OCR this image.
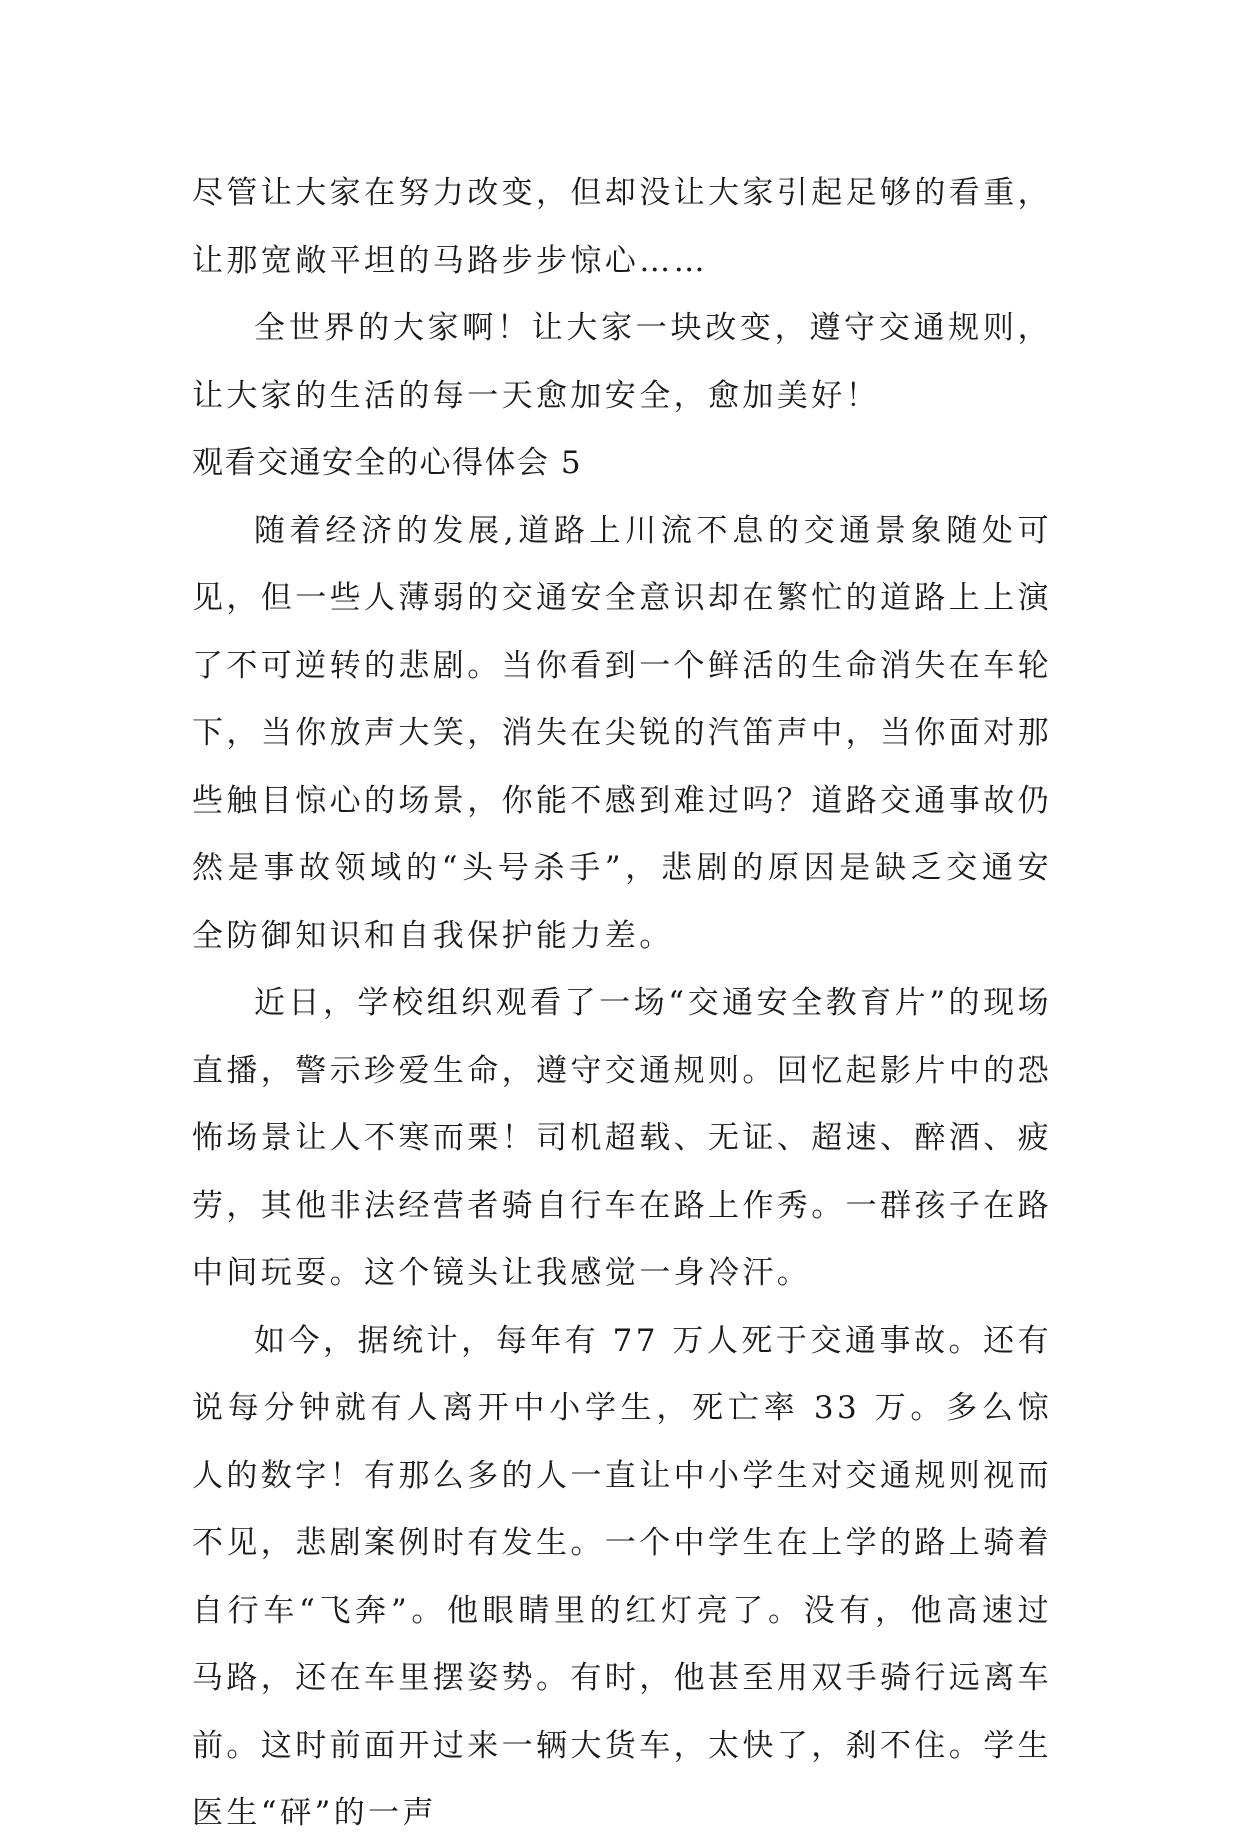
尽管让大家在努力改变，但却没让大家引起足够的看重，让那宽敞平坦的马路步步惊心……

全世界的大家啊！让大家一块改变，遵守交通规则，让大家的生活的每一天愈加安全，愈加美好！

观看交通安全的心得体会 5

随着经济的发展,道路上川流不息的交通景象随处可见，但一些人薄弱的交通安全意识却在繁忙的道路上上演了不可逆转的悲剧。当你看到一个鲜活的生命消失在车轮下，当你放声大笑，消失在尖锐的汽笛声中，当你面对那些触目惊心的场景，你能不感到难过吗？道路交通事故仍然是事故领域的“头号杀手”，悲剧的原因是缺乏交通安全防御知识和自我保护能力差。

近日，学校组织观看了一场“交通安全教育片”的现场直播，警示珍爱生命，遵守交通规则。回忆起影片中的恐怖场景让人不寒而栗！司机超载、无证、超速、醉酒、疲劳，其他非法经营者骑自行车在路上作秀。一群孩子在路中间玩耍。这个镜头让我感觉一身冷汗。

如今，据统计，每年有 77 万人死于交通事故。还有说每分钟就有人离开中小学生，死亡率 33 万。多么惊人的数字！有那么多的人一直让中小学生对交通规则视而不见，悲剧案例时有发生。一个中学生在上学的路上骑着自行车“飞奔”。他眼睛里的红灯亮了。没有，他高速过马路，还在车里摆姿势。有时，他甚至用双手骑行远离车前。这时前面开过来一辆大货车，太快了，刹不住。学生医生“砰”的一声
